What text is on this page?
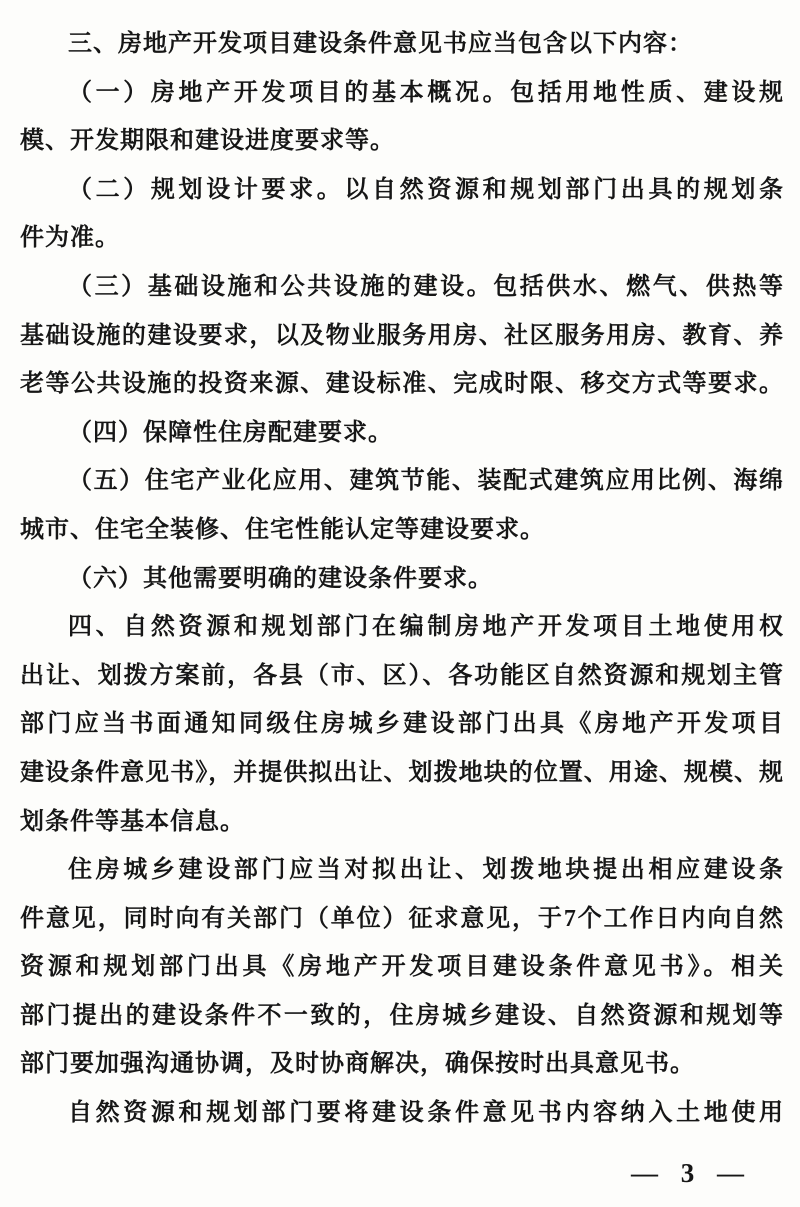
三、房地产开发项目建设条件意见书应当包含以下内容：
（一）房地产开发项目的基本概况。包括用地性质、建设规
模、开发期限和建设进度要求等。
（二）规划设计要求。以自然资源和规划部门出具的规划条
件为准。
（三）基础设施和公共设施的建设。包括供水、燃气、供热等
基础设施的建设要求，以及物业服务用房、社区服务用房、教育、养
老等公共设施的投资来源、建设标准、完成时限、移交方式等要求。
（四）保障性住房配建要求。
（五）住宅产业化应用、建筑节能、装配式建筑应用比例、海绵
城市、住宅全装修、住宅性能认定等建设要求。
（六）其他需要明确的建设条件要求。
四、自然资源和规划部门在编制房地产开发项目土地使用权
出让、划拨方案前，各县（市、区）、各功能区自然资源和规划主管
部门应当书面通知同级住房城乡建设部门出具《房地产开发项目
建设条件意见书》，并提供拟出让、划拨地块的位置、用途、规模、规
划条件等基本信息。
住房城乡建设部门应当对拟出让、划拨地块提出相应建设条
件意见，同时向有关部门（单位）征求意见，于7个工作日内向自然
资源和规划部门出具《房地产开发项目建设条件意见书》。相关
部门提出的建设条件不一致的，住房城乡建设、自然资源和规划等
部门要加强沟通协调，及时协商解决，确保按时出具意见书。
自然资源和规划部门要将建设条件意见书内容纳入土地使用
— 3 —
